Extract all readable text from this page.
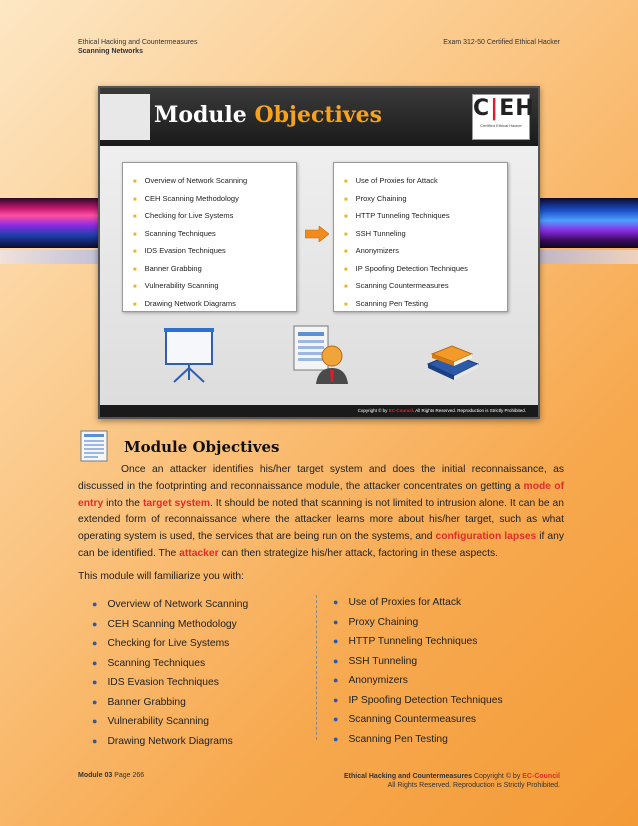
Ethical Hacking and Countermeasures
Scanning Networks
Exam 312-50 Certified Ethical Hacker
Module Objectives	C|EH
Certified Ethical Hacker
■ Overview of Network Scanning
■ CEH Scanning Methodology
■ Checking for Live Systems
■ Scanning Techniques
■ IDS Evasion Techniques
■ Banner Grabbing
■ Vulnerability Scanning
■ Drawing Network Diagrams
■ Use of Proxies for Attack
■ Proxy Chaining
■ HTTP Tunneling Techniques
■ SSH Tunneling
■ Anonymizers
■ IP Spoofing Detection Techniques
■ Scanning Countermeasures
■ Scanning Pen Testing
Copyright © by EC-Council. All Rights Reserved. Reproduction is Strictly Prohibited.
Module Objectives

Once an attacker identifies his/her target system and does the initial reconnaissance, as discussed in the footprinting and reconnaissance module, the attacker concentrates on getting a mode of entry into the target system. It should be noted that scanning is not limited to intrusion alone. It can be an extended form of reconnaissance where the attacker learns more about his/her target, such as what operating system is used, the services that are being run on the systems, and configuration lapses if any can be identified. The attacker can then strategize his/her attack, factoring in these aspects.

This module will familiarize you with:
● Overview of Network Scanning
● CEH Scanning Methodology
● Checking for Live Systems
● Scanning Techniques
● IDS Evasion Techniques
● Banner Grabbing
● Vulnerability Scanning
● Drawing Network Diagrams
● Use of Proxies for Attack
● Proxy Chaining
● HTTP Tunneling Techniques
● SSH Tunneling
● Anonymizers
● IP Spoofing Detection Techniques
● Scanning Countermeasures
● Scanning Pen Testing
Module 03 Page 266	Ethical Hacking and Countermeasures Copyright © by EC-Council
All Rights Reserved. Reproduction is Strictly Prohibited.
